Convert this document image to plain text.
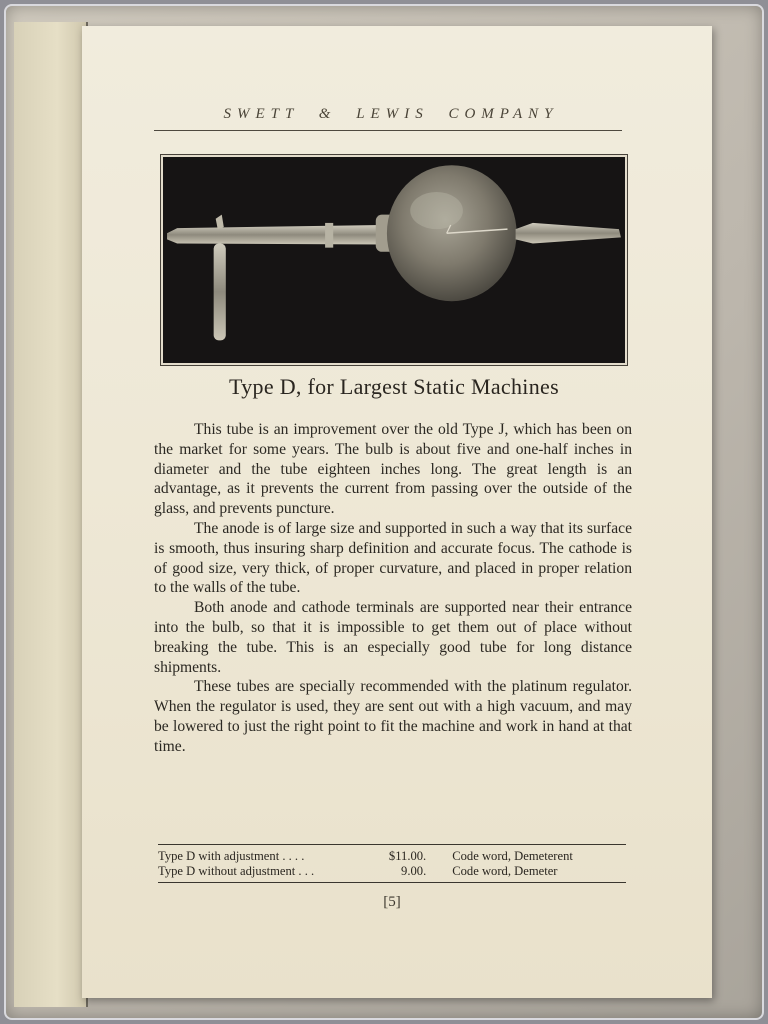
SWETT & LEWIS COMPANY
Type D, for Largest Static Machines

This tube is an improvement over the old Type J, which has been on the market for some years. The bulb is about five and one-half inches in diameter and the tube eighteen inches long. The great length is an advantage, as it prevents the current from passing over the outside of the glass, and prevents puncture.

The anode is of large size and supported in such a way that its surface is smooth, thus insuring sharp definition and accurate focus. The cathode is of good size, very thick, of proper curvature, and placed in proper relation to the walls of the tube.

Both anode and cathode terminals are supported near their entrance into the bulb, so that it is impossible to get them out of place without breaking the tube. This is an especially good tube for long distance shipments.

These tubes are specially recommended with the platinum regulator. When the regulator is used, they are sent out with a high vacuum, and may be lowered to just the right point to fit the machine and work in hand at that time.

Type D with adjustment . . . .	$11.00.	Code word, Demeterent
Type D without adjustment . . .	9.00.	Code word, Demeter
[5]
